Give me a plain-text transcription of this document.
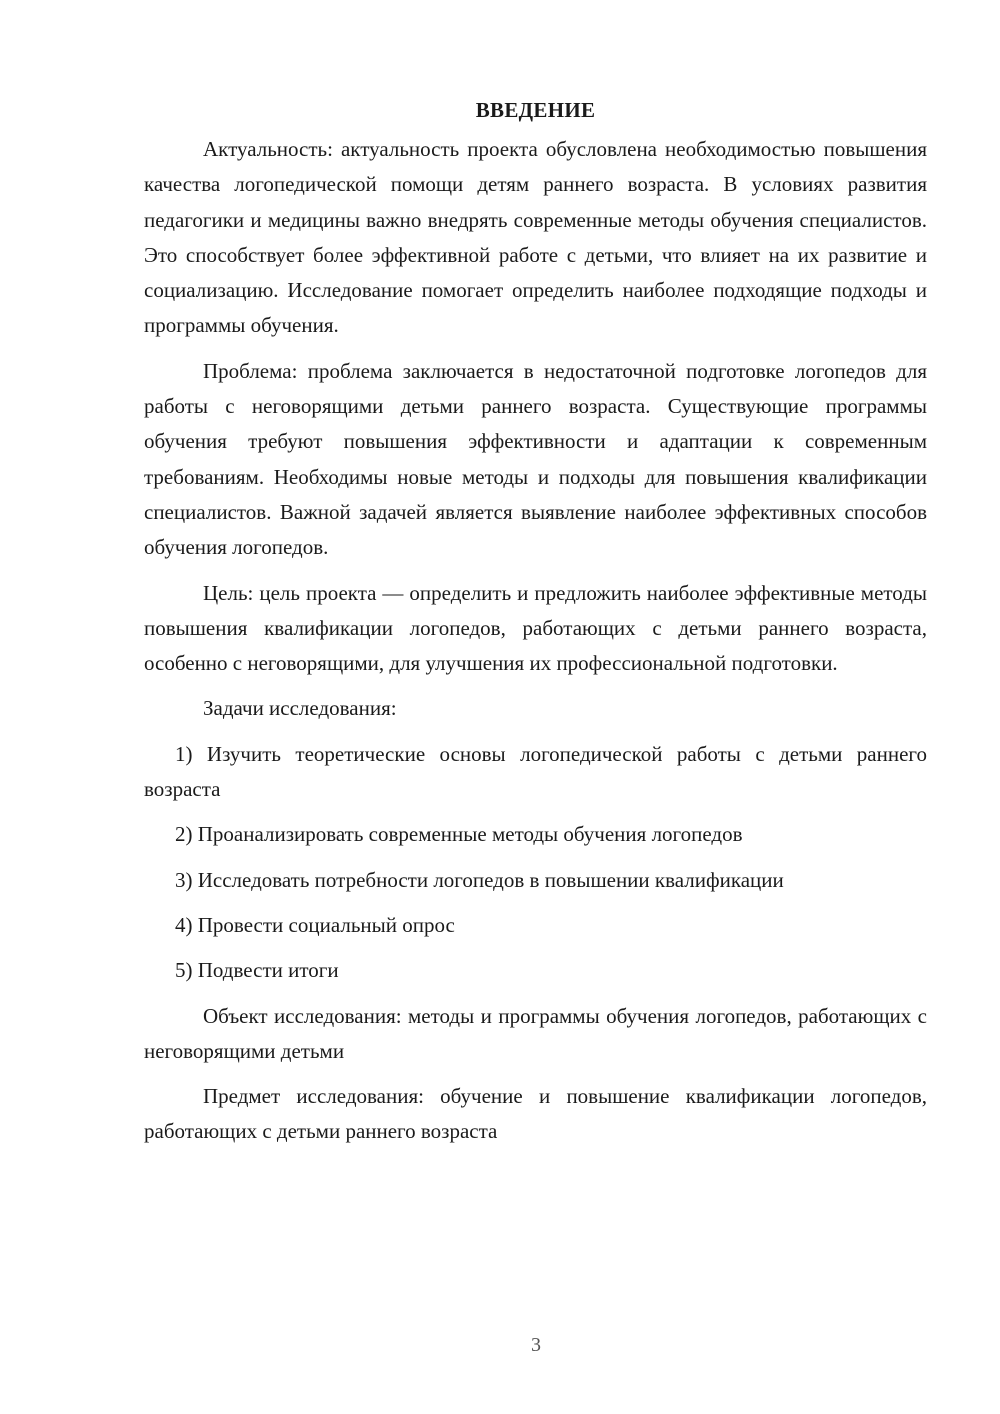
ВВЕДЕНИЕ

Актуальность: актуальность проекта обусловлена необходимостью повышения качества логопедической помощи детям раннего возраста. В условиях развития педагогики и медицины важно внедрять современные методы обучения специалистов. Это способствует более эффективной работе с детьми, что влияет на их развитие и социализацию. Исследование помогает определить наиболее подходящие подходы и программы обучения.

Проблема: проблема заключается в недостаточной подготовке логопедов для работы с неговорящими детьми раннего возраста. Существующие программы обучения требуют повышения эффективности и адаптации к современным требованиям. Необходимы новые методы и подходы для повышения квалификации специалистов. Важной задачей является выявление наиболее эффективных способов обучения логопедов.

Цель: цель проекта — определить и предложить наиболее эффективные методы повышения квалификации логопедов, работающих с детьми раннего возраста, особенно с неговорящими, для улучшения их профессиональной подготовки.

Задачи исследования:

1) Изучить теоретические основы логопедической работы с детьми раннего возраста

2) Проанализировать современные методы обучения логопедов

3) Исследовать потребности логопедов в повышении квалификации

4) Провести социальный опрос

5) Подвести итоги

Объект исследования: методы и программы обучения логопедов, работающих с неговорящими детьми

Предмет исследования: обучение и повышение квалификации логопедов, работающих с детьми раннего возраста

3
